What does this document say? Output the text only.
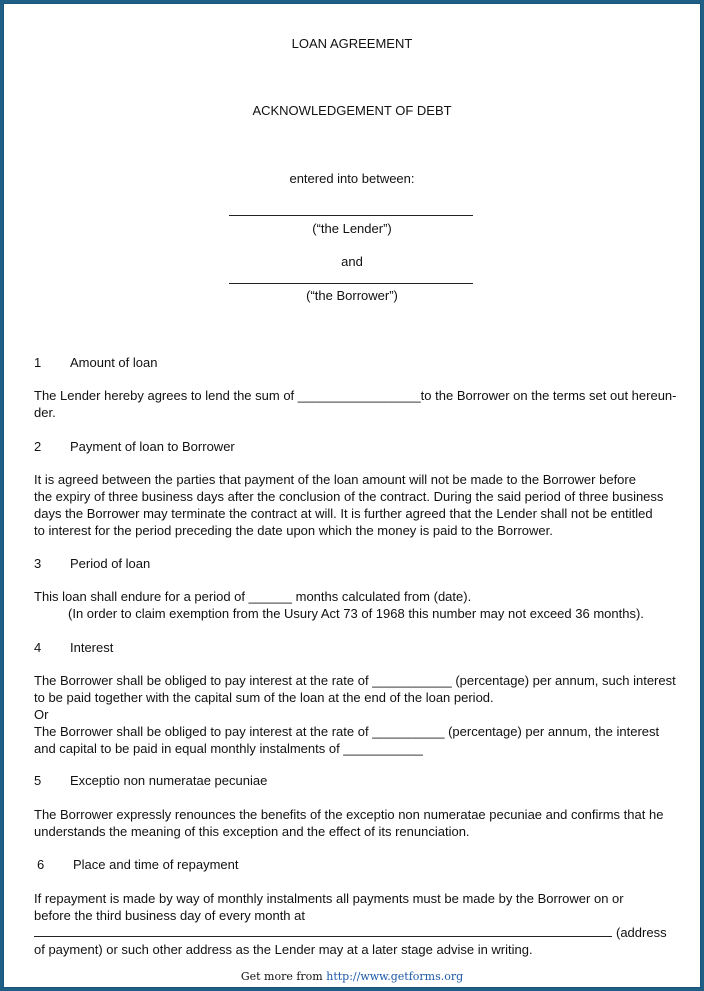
LOAN AGREEMENT
ACKNOWLEDGEMENT OF DEBT
entered into between:
(“the Lender”)
and
(“the Borrower”)
1 Amount of loan
The Lender hereby agrees to lend the sum of _________________to the Borrower on the terms set out hereun-
der.
2 Payment of loan to Borrower
It is agreed between the parties that payment of the loan amount will not be made to the Borrower before
the expiry of three business days after the conclusion of the contract. During the said period of three business
days the Borrower may terminate the contract at will. It is further agreed that the Lender shall not be entitled
to interest for the period preceding the date upon which the money is paid to the Borrower.
3 Period of loan
This loan shall endure for a period of ______ months calculated from (date).
(In order to claim exemption from the Usury Act 73 of 1968 this number may not exceed 36 months).
4 Interest
The Borrower shall be obliged to pay interest at the rate of ___________ (percentage) per annum, such interest
to be paid together with the capital sum of the loan at the end of the loan period.
Or
The Borrower shall be obliged to pay interest at the rate of __________ (percentage) per annum, the interest
and capital to be paid in equal monthly instalments of ___________
5 Exceptio non numeratae pecuniae
The Borrower expressly renounces the benefits of the exceptio non numeratae pecuniae and confirms that he
understands the meaning of this exception and the effect of its renunciation.
6 Place and time of repayment
If repayment is made by way of monthly instalments all payments must be made by the Borrower on or
before the third business day of every month at
(address
of payment) or such other address as the Lender may at a later stage advise in writing.
Get more from http://www.getforms.org
